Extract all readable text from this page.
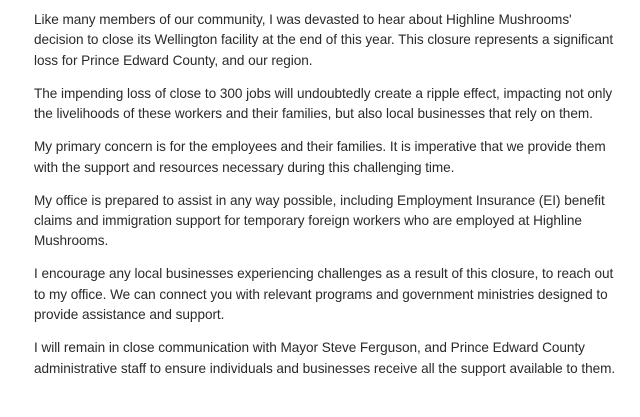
Like many members of our community, I was devasted to hear about Highline Mushrooms' decision to close its Wellington facility at the end of this year. This closure represents a significant loss for Prince Edward County, and our region.

The impending loss of close to 300 jobs will undoubtedly create a ripple effect, impacting not only the livelihoods of these workers and their families, but also local businesses that rely on them.

My primary concern is for the employees and their families. It is imperative that we provide them with the support and resources necessary during this challenging time.

My office is prepared to assist in any way possible, including Employment Insurance (EI) benefit claims and immigration support for temporary foreign workers who are employed at Highline Mushrooms.

I encourage any local businesses experiencing challenges as a result of this closure, to reach out to my office. We can connect you with relevant programs and government ministries designed to provide assistance and support.

I will remain in close communication with Mayor Steve Ferguson, and Prince Edward County administrative staff to ensure individuals and businesses receive all the support available to them.
